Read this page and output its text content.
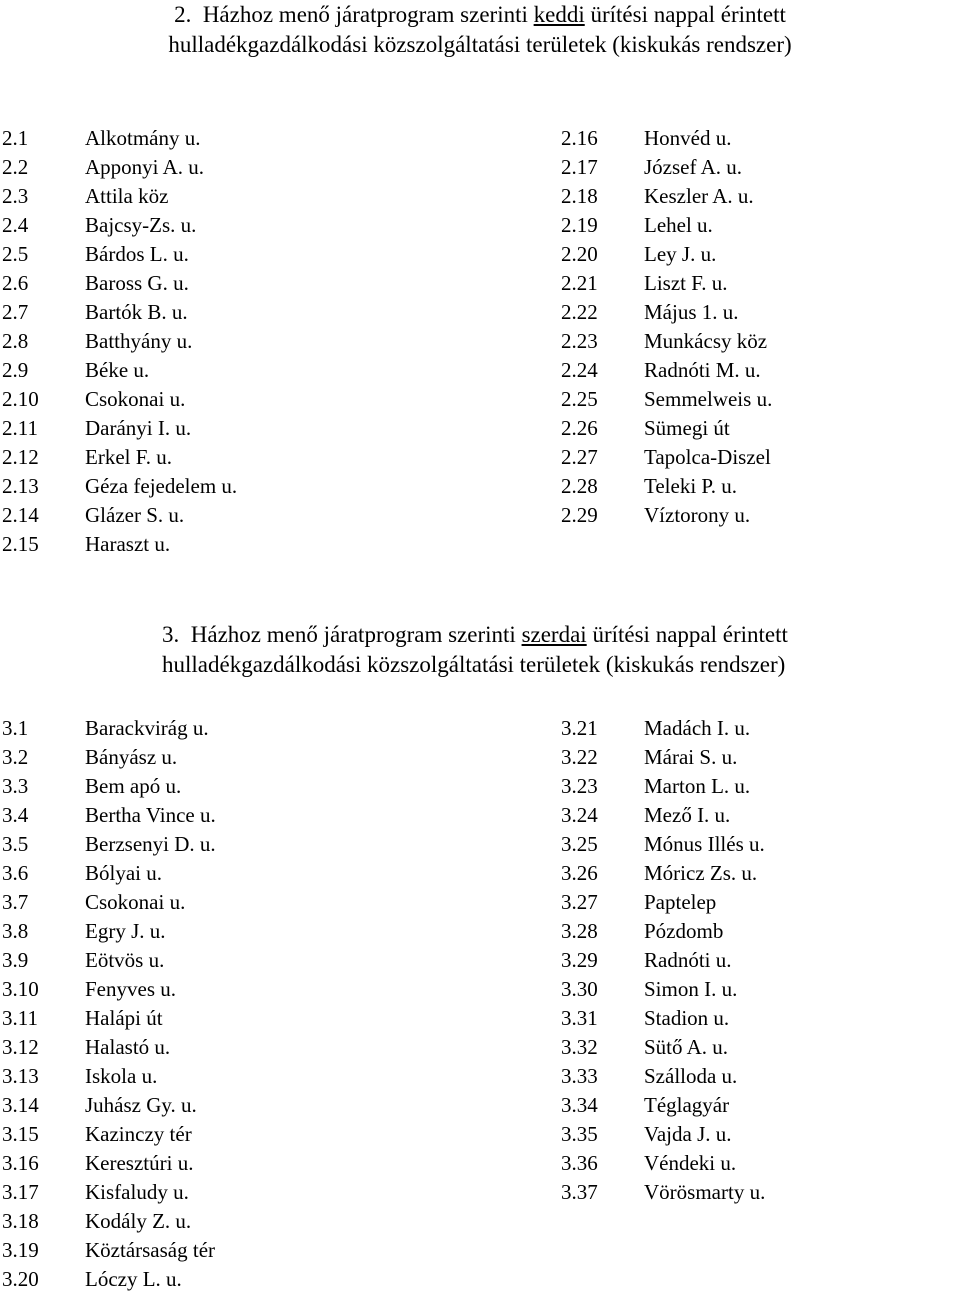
2. Házhoz menő járatprogram szerinti keddi ürítési nappal érintett
hulladékgazdálkodási közszolgáltatási területek (kiskukás rendszer)
2.1	Alkotmány u.
2.2	Apponyi A. u.
2.3	Attila köz
2.4	Bajcsy-Zs. u.
2.5	Bárdos L. u.
2.6	Baross G. u.
2.7	Bartók B. u.
2.8	Batthyány u.
2.9	Béke u.
2.10 Csokonai u.
2.11 Darányi I. u.
2.12 Erkel F. u.
2.13 Géza fejedelem u.
2.14 Glázer S. u.
2.15 Haraszt u.
2.16 Honvéd u.
2.17 József A. u.
2.18 Keszler A. u.
2.19 Lehel u.
2.20 Ley J. u.
2.21 Liszt F. u.
2.22 Május 1. u.
2.23 Munkácsy köz
2.24 Radnóti M. u.
2.25 Semmelweis u.
2.26 Sümegi út
2.27 Tapolca-Diszel
2.28 Teleki P. u.
2.29 Víztorony u.
3. Házhoz menő járatprogram szerinti szerdai ürítési nappal érintett
hulladékgazdálkodási közszolgáltatási területek (kiskukás rendszer)
3.1	Barackvirág u.
3.2	Bányász u.
3.3	Bem apó u.
3.4	Bertha Vince u.
3.5	Berzsenyi D. u.
3.6	Bólyai u.
3.7	Csokonai u.
3.8	Egry J. u.
3.9	Eötvös u.
3.10 Fenyves u.
3.11 Halápi út
3.12 Halastó u.
3.13 Iskola u.
3.14 Juhász Gy. u.
3.15 Kazinczy tér
3.16 Keresztúri u.
3.17 Kisfaludy u.
3.18 Kodály Z. u.
3.19 Köztársaság tér
3.20 Lóczy L. u.
3.21 Madách I. u.
3.22 Márai S. u.
3.23 Marton L. u.
3.24 Mező I. u.
3.25 Mónus Illés u.
3.26 Móricz Zs. u.
3.27 Paptelep
3.28 Pózdomb
3.29 Radnóti u.
3.30 Simon I. u.
3.31 Stadion u.
3.32 Sütő A. u.
3.33 Szálloda u.
3.34 Téglagyár
3.35 Vajda J. u.
3.36 Véndeki u.
3.37 Vörösmarty u.
